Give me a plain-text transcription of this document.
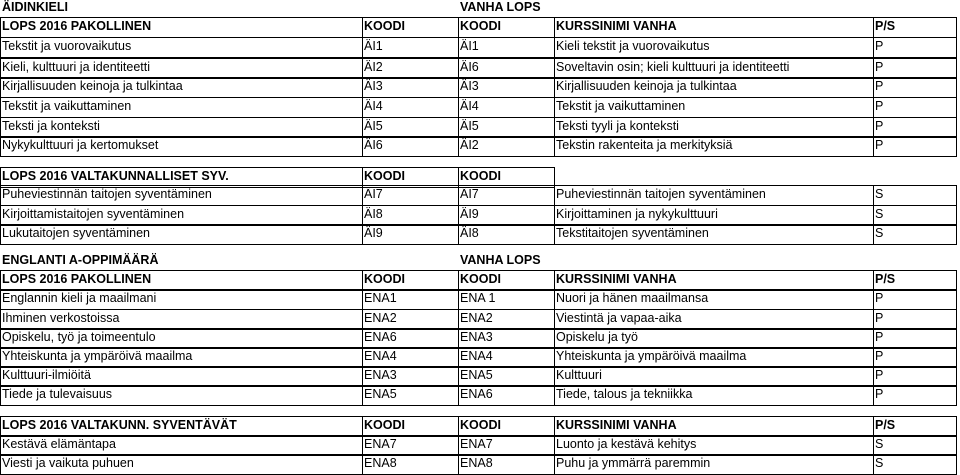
ÄIDINKIELI	VANHA LOPS
LOPS 2016 PAKOLLINEN	KOODI	KOODI	KURSSINIMI VANHA	P/S
Tekstit ja vuorovaikutus	ÄI1	ÄI1	Kieli tekstit ja vuorovaikutus	P
Kieli, kulttuuri ja identiteetti	ÄI2	ÄI6	Soveltavin osin; kieli kulttuuri ja identiteetti	P
Kirjallisuuden keinoja ja tulkintaa	ÄI3	ÄI3	Kirjallisuuden keinoja ja tulkintaa	P
Tekstit ja vaikuttaminen	ÄI4	ÄI4	Tekstit ja vaikuttaminen	P
Teksti ja konteksti	ÄI5	ÄI5	Teksti tyyli ja konteksti	P
Nykykulttuuri ja kertomukset	ÄI6	ÄI2	Tekstin rakenteita ja merkityksiä	P
LOPS 2016 VALTAKUNNALLISET SYV.	KOODI	KOODI
Puheviestinnän taitojen syventäminen	ÄI7	ÄI7	Puheviestinnän taitojen syventäminen	S
Kirjoittamistaitojen syventäminen	ÄI8	ÄI9	Kirjoittaminen ja nykykulttuuri	S
Lukutaitojen syventäminen	ÄI9	ÄI8	Tekstitaitojen syventäminen	S
ENGLANTI A-OPPIMÄÄRÄ	VANHA LOPS
LOPS 2016 PAKOLLINEN	KOODI	KOODI	KURSSINIMI VANHA	P/S
Englannin kieli ja maailmani	ENA1	ENA 1	Nuori ja hänen maailmansa	P
Ihminen verkostoissa	ENA2	ENA2	Viestintä ja vapaa-aika	P
Opiskelu, työ ja toimeentulo	ENA6	ENA3	Opiskelu ja työ	P
Yhteiskunta ja ympäröivä maailma	ENA4	ENA4	Yhteiskunta ja ympäröivä maailma	P
Kulttuuri-ilmiöitä	ENA3	ENA5	Kulttuuri	P
Tiede ja tulevaisuus	ENA5	ENA6	Tiede, talous ja tekniikka	P
LOPS 2016 VALTAKUNN. SYVENTÄVÄT	KOODI	KOODI	KURSSINIMI VANHA	P/S
Kestävä elämäntapa	ENA7	ENA7	Luonto ja kestävä kehitys	S
Viesti ja vaikuta puhuen	ENA8	ENA8	Puhu ja ymmärrä paremmin	S
